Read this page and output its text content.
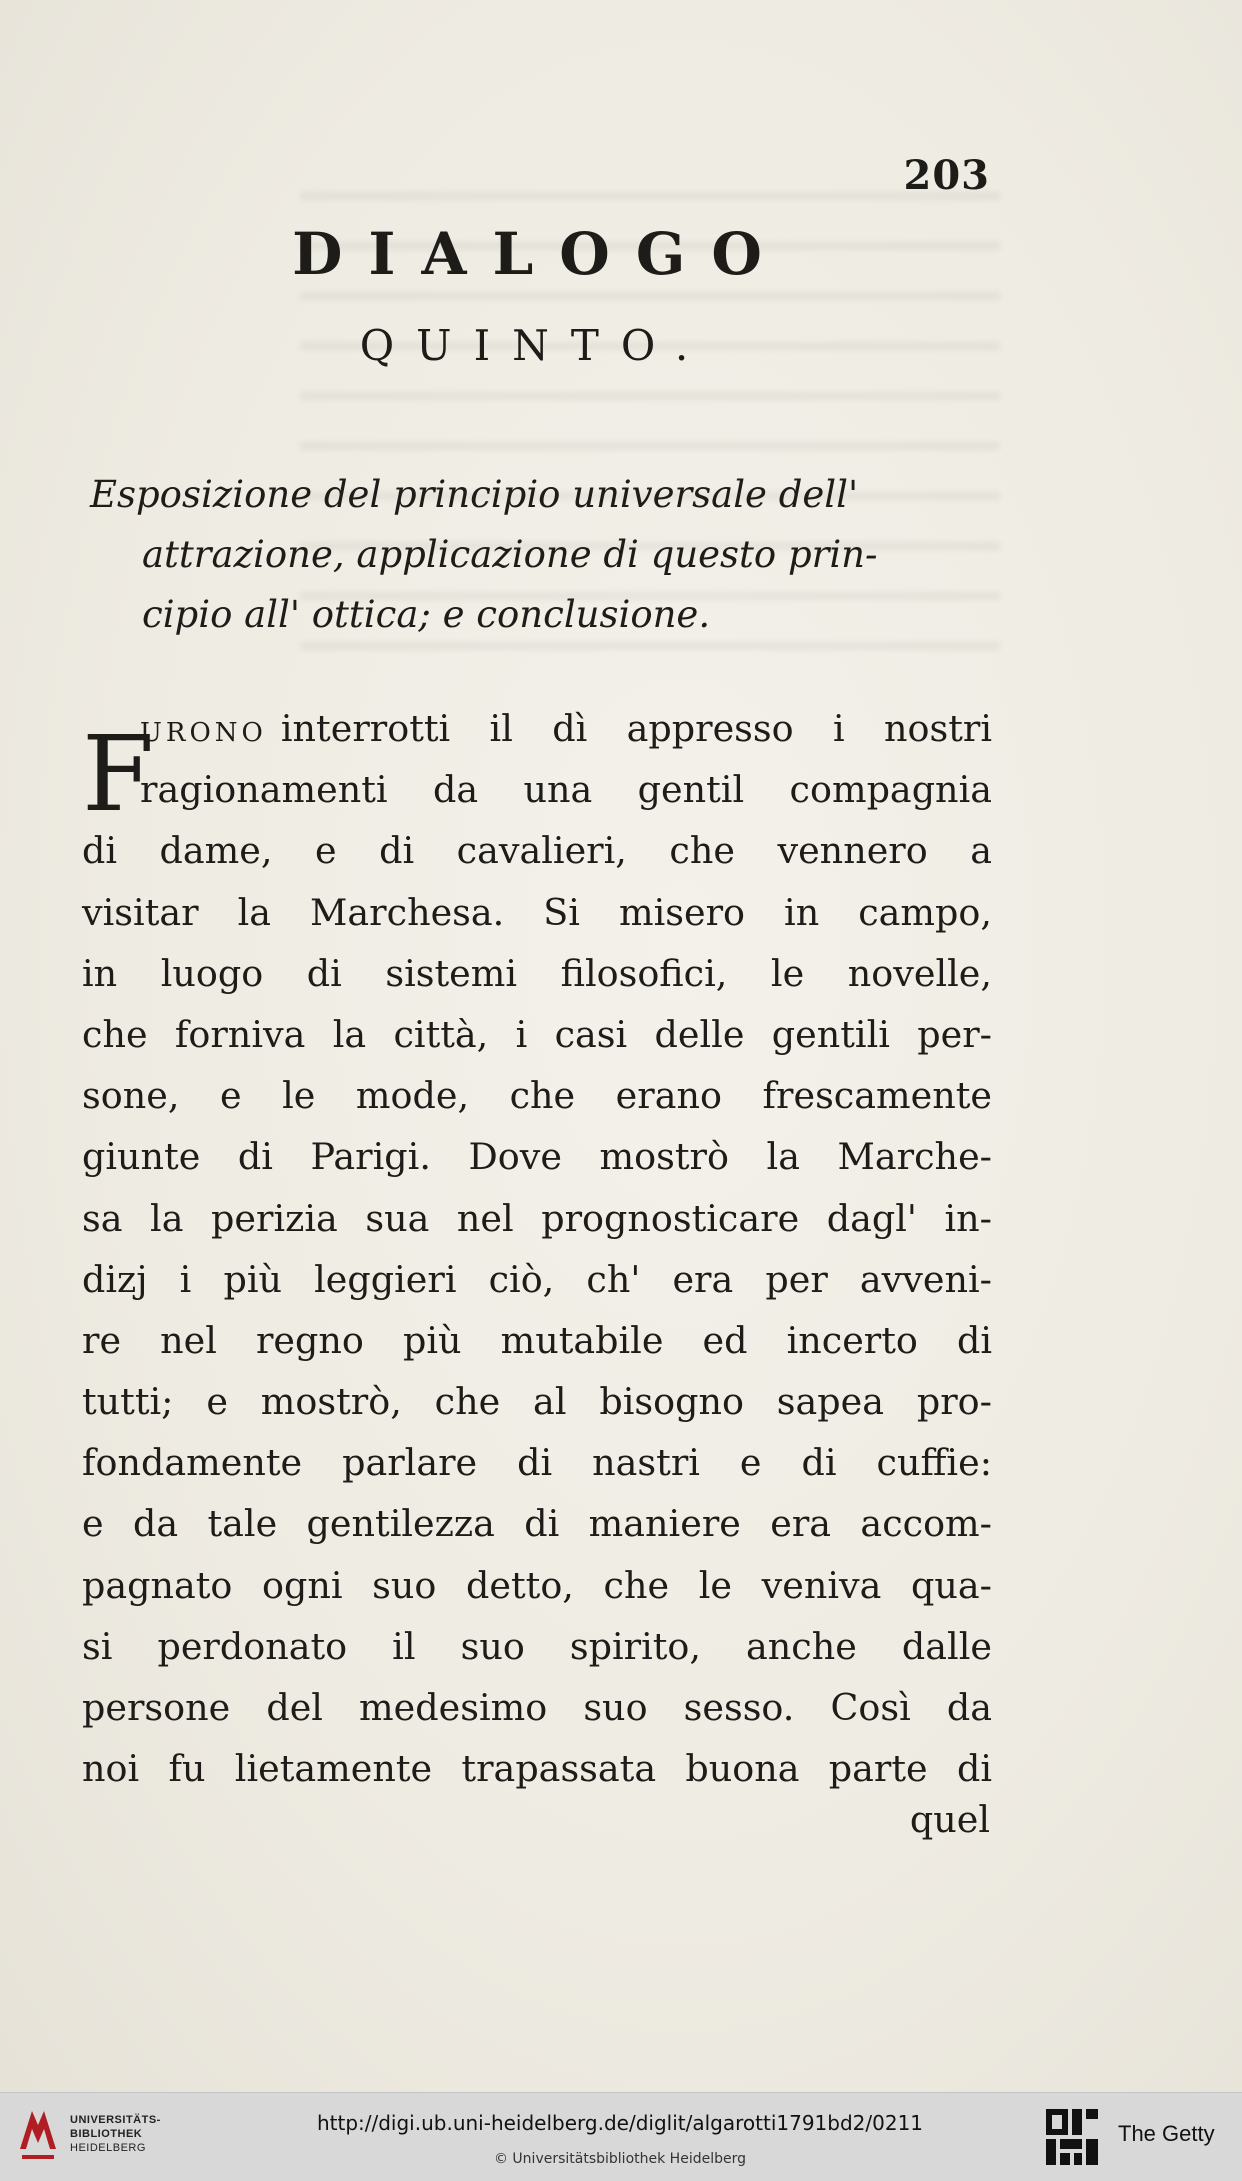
203
DIALOGO
QUINTO.
Esposizione del principio universale dell'
attrazione, applicazione di questo prin-
cipio all' ottica; e conclusione.
F
URONO interrotti il dì appresso i nostri
ragionamenti da una gentil compagnia
di dame, e di cavalieri, che vennero a
visitar la Marchesa. Si misero in campo,
in luogo di sistemi filosofici, le novelle,
che forniva la città, i casi delle gentili per-
sone, e le mode, che erano frescamente
giunte di Parigi. Dove mostrò la Marche-
sa la perizia sua nel prognosticare dagl' in-
dizj i più leggieri ciò, ch' era per avveni-
re nel regno più mutabile ed incerto di
tutti; e mostrò, che al bisogno sapea pro-
fondamente parlare di nastri e di cuffie:
e da tale gentilezza di maniere era accom-
pagnato ogni suo detto, che le veniva qua-
si perdonato il suo spirito, anche dalle
persone del medesimo suo sesso. Così da
noi fu lietamente trapassata buona parte di
quel
UNIVERSITÄTS-
BIBLIOTHEK
HEIDELBERG
http://digi.ub.uni-heidelberg.de/diglit/algarotti1791bd2/0211
© Universitätsbibliothek Heidelberg
The Getty
